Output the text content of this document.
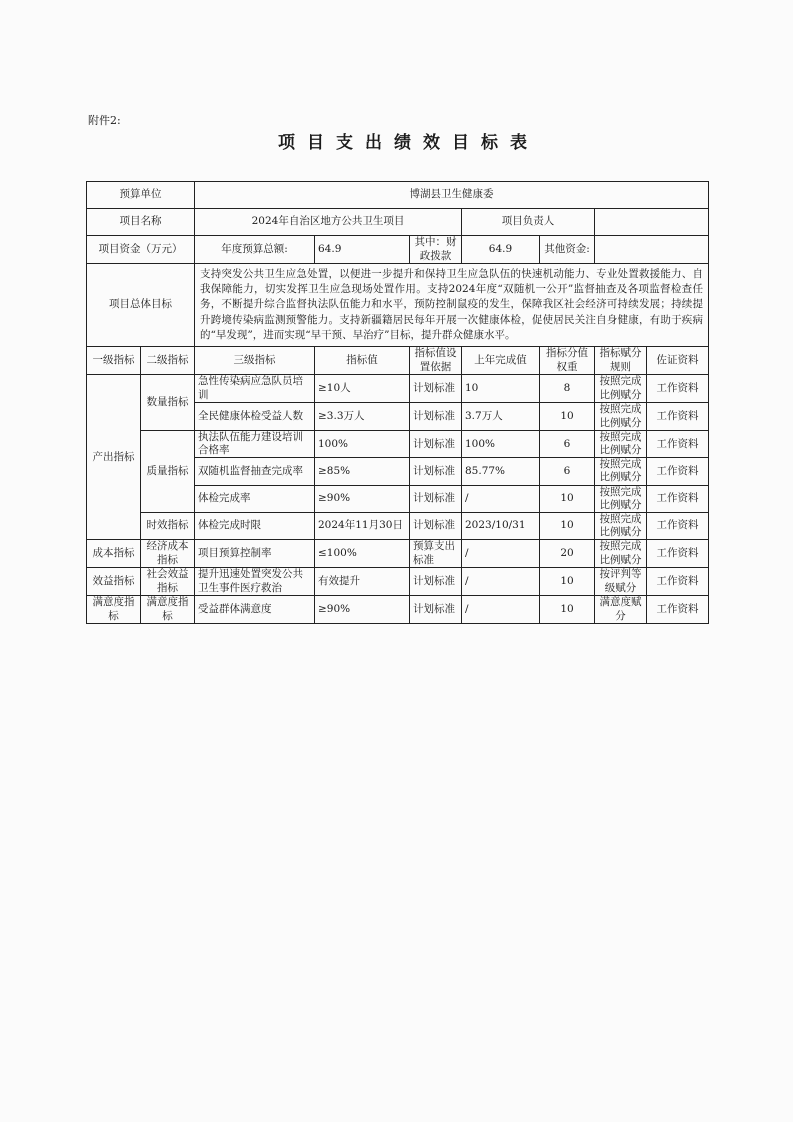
附件2:
项目支出绩效目标表
预算单位		博湖县卫生健康委						
项目名称		2024年自治区地方公共卫生项目			项目负责人			
项目资金（万元）		年度预算总额:	64.9	其中：财政拨款	64.9	其他资金:		
项目总体目标		支持突发公共卫生应急处置，以便进一步提升和保持卫生应急队伍的快速机动能力、专业处置救援能力、自我保障能力，切实发挥卫生应急现场处置作用。支持2024年度“双随机一公开”监督抽查及各项监督检查任务，不断提升综合监督执法队伍能力和水平，预防控制鼠疫的发生，保障我区社会经济可持续发展；持续提升跨境传染病监测预警能力。支持新疆籍居民每年开展一次健康体检，促使居民关注自身健康，有助于疾病的“早发现”，进而实现“早干预、早治疗”目标，提升群众健康水平。						
一级指标	二级指标	三级指标	指标值	指标值设置依据	上年完成值	指标分值权重	指标赋分规则	佐证资料
产出指标	数量指标	急性传染病应急队员培训	≥10人	计划标准	10	8	按照完成比例赋分	工作资料
		全民健康体检受益人数	≥3.3万人	计划标准	3.7万人	10	按照完成比例赋分	工作资料
	质量指标	执法队伍能力建设培训合格率	100%	计划标准	100%	6	按照完成比例赋分	工作资料
		双随机监督抽查完成率	≥85%	计划标准	85.77%	6	按照完成比例赋分	工作资料
		体检完成率	≥90%	计划标准	/	10	按照完成比例赋分	工作资料
	时效指标	体检完成时限	2024年11月30日	计划标准	2023/10/31	10	按照完成比例赋分	工作资料
成本指标	经济成本指标	项目预算控制率	≤100%	预算支出标准	/	20	按照完成比例赋分	工作资料
效益指标	社会效益指标	提升迅速处置突发公共卫生事件医疗救治	有效提升	计划标准	/	10	按评判等级赋分	工作资料
满意度指标	满意度指标	受益群体满意度	≥90%	计划标准	/	10	满意度赋分	工作资料
